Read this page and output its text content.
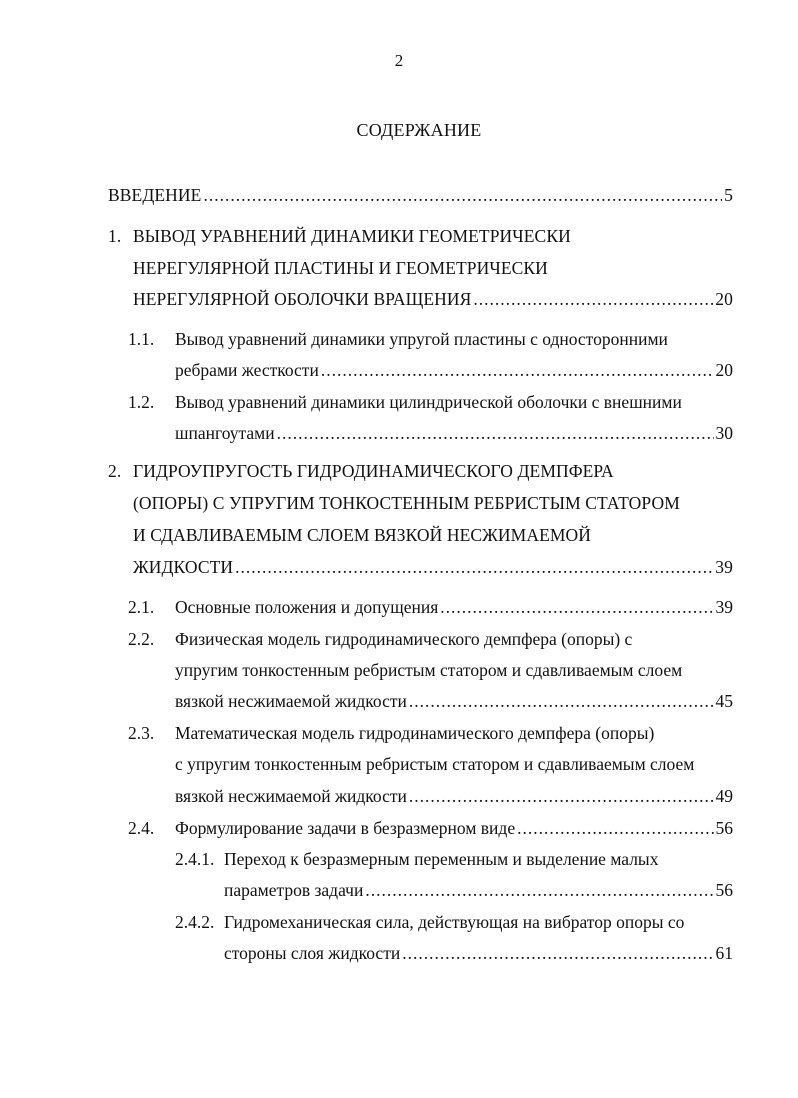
2
СОДЕРЖАНИЕ
ВВЕДЕНИЕ .....	5
1. ВЫВОД УРАВНЕНИЙ ДИНАМИКИ ГЕОМЕТРИЧЕСКИ
НЕРЕГУЛЯРНОЙ ПЛАСТИНЫ И ГЕОМЕТРИЧЕСКИ
НЕРЕГУЛЯРНОЙ ОБОЛОЧКИ ВРАЩЕНИЯ .....	20
1.1. Вывод уравнений динамики упругой пластины с односторонними
ребрами жесткости .....	20
1.2. Вывод уравнений динамики цилиндрической оболочки с внешними
шпангоутами .....	30
2. ГИДРОУПРУГОСТЬ ГИДРОДИНАМИЧЕСКОГО ДЕМПФЕРА
(ОПОРЫ) С УПРУГИМ ТОНКОСТЕННЫМ РЕБРИСТЫМ СТАТОРОМ
И СДАВЛИВАЕМЫМ СЛОЕМ ВЯЗКОЙ НЕСЖИМАЕМОЙ
ЖИДКОСТИ .....	39
2.1. Основные положения и допущения .....	39
2.2. Физическая модель гидродинамического демпфера (опоры) с
упругим тонкостенным ребристым статором и сдавливаемым слоем
вязкой несжимаемой жидкости .....	45
2.3. Математическая модель гидродинамического демпфера (опоры)
с упругим тонкостенным ребристым статором и сдавливаемым слоем
вязкой несжимаемой жидкости .....	49
2.4. Формулирование задачи в безразмерном виде .....	56
2.4.1. Переход к безразмерным переменным и выделение малых
параметров задачи .....	56
2.4.2. Гидромеханическая сила, действующая на вибратор опоры со
стороны слоя жидкости .....	61
